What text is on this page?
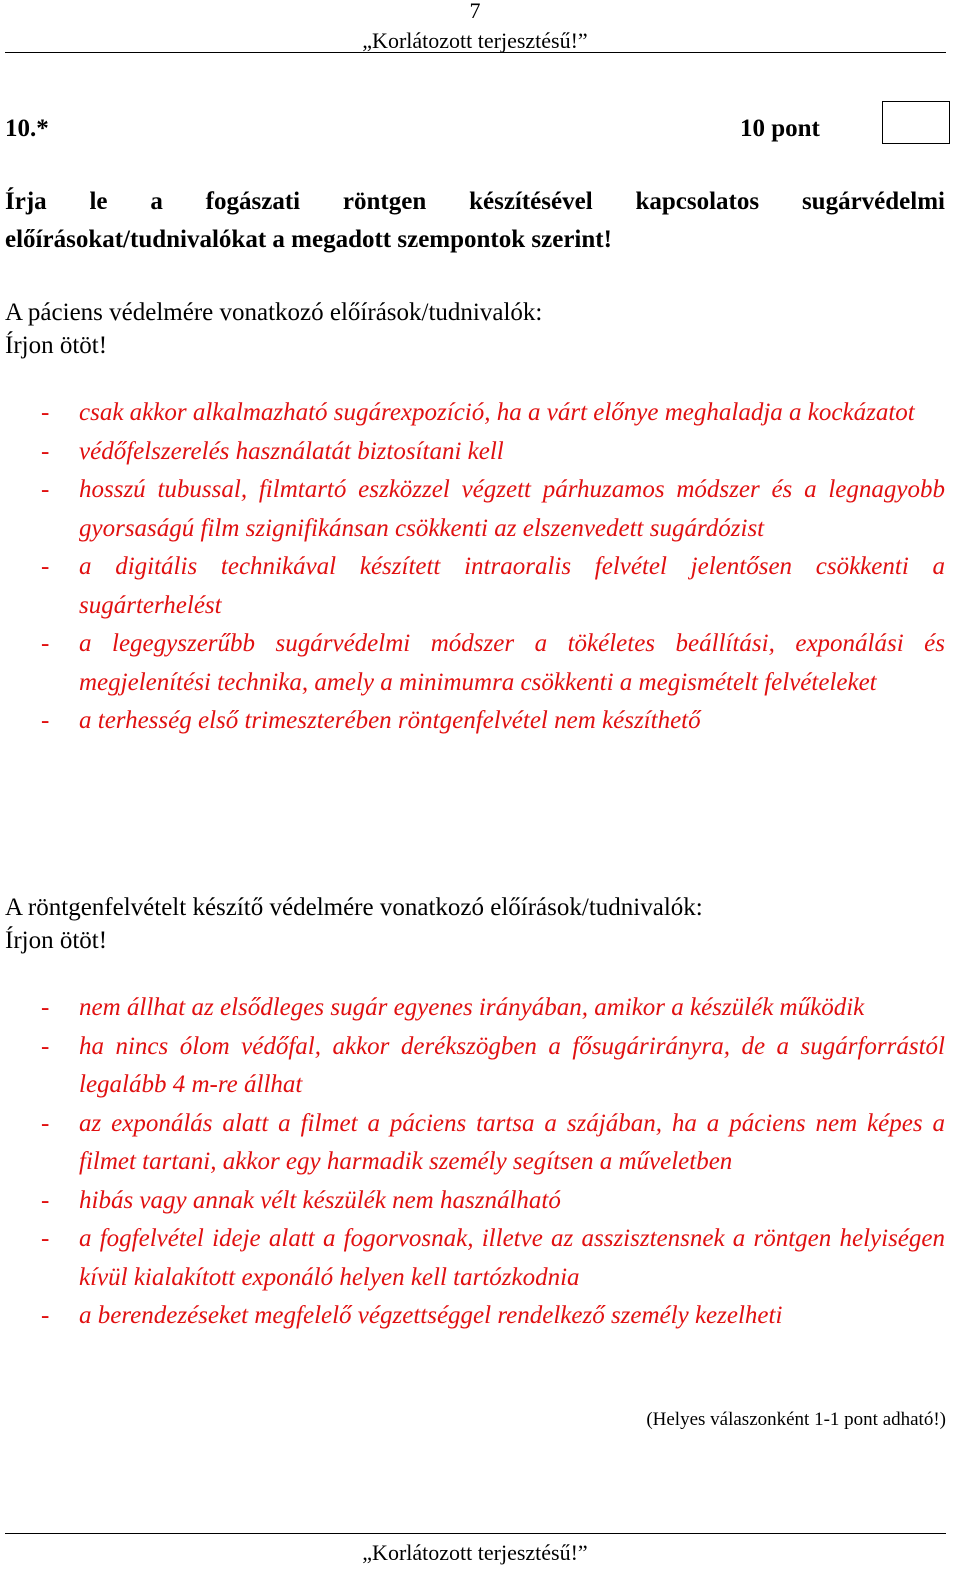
7
„Korlátozott terjesztésű!”
10.*	10 pont
Írja le a fogászati röntgen készítésével kapcsolatos sugárvédelmi előírásokat/tudnivalókat a megadott szempontok szerint!
A páciens védelmére vonatkozó előírások/tudnivalók:
Írjon ötöt!
- csak akkor alkalmazható sugárexpozíció, ha a várt előnye meghaladja a kockázatot
- védőfelszerelés használatát biztosítani kell
- hosszú tubussal, filmtartó eszközzel végzett párhuzamos módszer és a legnagyobb gyorsaságú film szignifikánsan csökkenti az elszenvedett sugárdózist
- a digitális technikával készített intraoralis felvétel jelentősen csökkenti a sugárterhelést
- a legegyszerűbb sugárvédelmi módszer a tökéletes beállítási, exponálási és megjelenítési technika, amely a minimumra csökkenti a megismételt felvételeket
- a terhesség első trimeszterében röntgenfelvétel nem készíthető
A röntgenfelvételt készítő védelmére vonatkozó előírások/tudnivalók:
Írjon ötöt!
- nem állhat az elsődleges sugár egyenes irányában, amikor a készülék működik
- ha nincs ólom védőfal, akkor derékszögben a fősugárirányra, de a sugárforrástól legalább 4 m-re állhat
- az exponálás alatt a filmet a páciens tartsa a szájában, ha a páciens nem képes a filmet tartani, akkor egy harmadik személy segítsen a műveletben
- hibás vagy annak vélt készülék nem használható
- a fogfelvétel ideje alatt a fogorvosnak, illetve az asszisztensnek a röntgen helyiségen kívül kialakított exponáló helyen kell tartózkodnia
- a berendezéseket megfelelő végzettséggel rendelkező személy kezelheti
(Helyes válaszonként 1-1 pont adható!)
„Korlátozott terjesztésű!”
